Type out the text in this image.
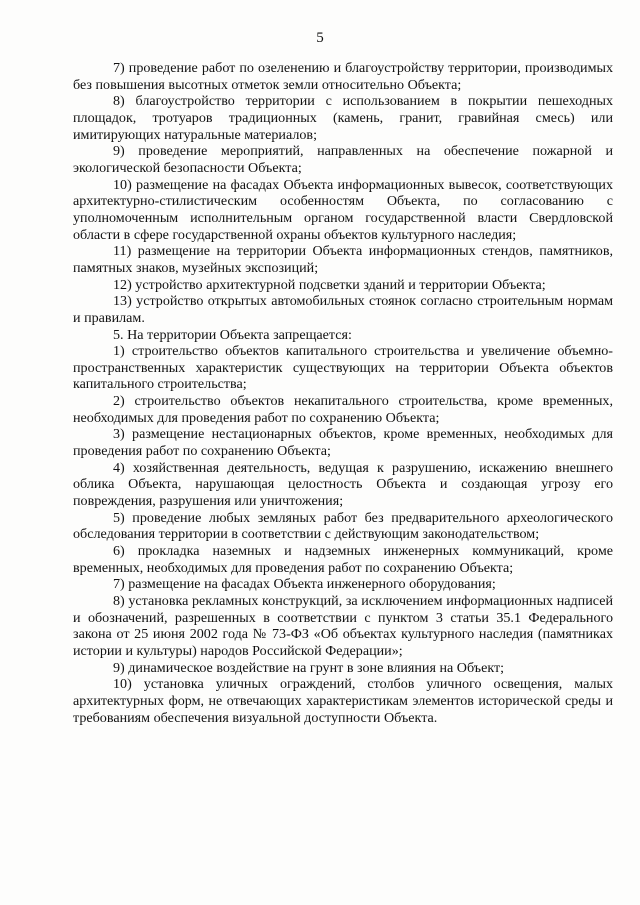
5

7) проведение работ по озеленению и благоустройству территории, производимых без повышения высотных отметок земли относительно Объекта;

8) благоустройство территории с использованием в покрытии пешеходных площадок, тротуаров традиционных (камень, гранит, гравийная смесь) или имитирующих натуральные материалов;

9) проведение мероприятий, направленных на обеспечение пожарной и экологической безопасности Объекта;

10) размещение на фасадах Объекта информационных вывесок, соответствующих архитектурно-стилистическим особенностям Объекта, по согласованию с уполномоченным исполнительным органом государственной власти Свердловской области в сфере государственной охраны объектов культурного наследия;

11) размещение на территории Объекта информационных стендов, памятников, памятных знаков, музейных экспозиций;

12) устройство архитектурной подсветки зданий и территории Объекта;

13) устройство открытых автомобильных стоянок согласно строительным нормам и правилам.

5. На территории Объекта запрещается:

1) строительство объектов капитального строительства и увеличение объемно-пространственных характеристик существующих на территории Объекта объектов капитального строительства;

2) строительство объектов некапитального строительства, кроме временных, необходимых для проведения работ по сохранению Объекта;

3) размещение нестационарных объектов, кроме временных, необходимых для проведения работ по сохранению Объекта;

4) хозяйственная деятельность, ведущая к разрушению, искажению внешнего облика Объекта, нарушающая целостность Объекта и создающая угрозу его повреждения, разрушения или уничтожения;

5) проведение любых земляных работ без предварительного археологического обследования территории в соответствии с действующим законодательством;

6) прокладка наземных и надземных инженерных коммуникаций, кроме временных, необходимых для проведения работ по сохранению Объекта;

7) размещение на фасадах Объекта инженерного оборудования;

8) установка рекламных конструкций, за исключением информационных надписей и обозначений, разрешенных в соответствии с пунктом 3 статьи 35.1 Федерального закона от 25 июня 2002 года № 73-ФЗ «Об объектах культурного наследия (памятниках истории и культуры) народов Российской Федерации»;

9) динамическое воздействие на грунт в зоне влияния на Объект;

10) установка уличных ограждений, столбов уличного освещения, малых архитектурных форм, не отвечающих характеристикам элементов исторической среды и требованиям обеспечения визуальной доступности Объекта.
